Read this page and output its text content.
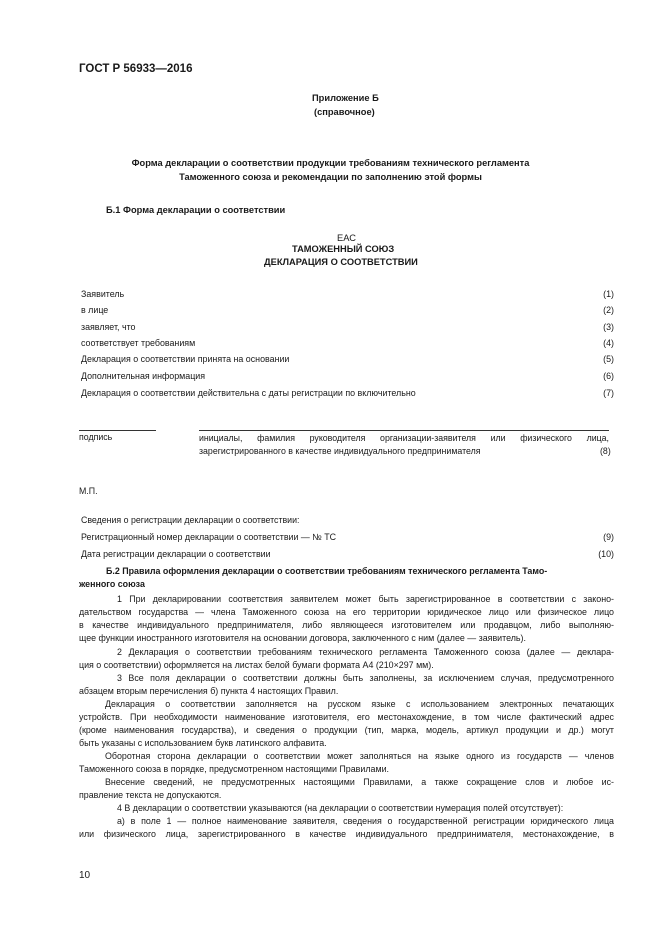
ГОСТ Р 56933—2016
Приложение Б
(справочное)
Форма декларации о соответствии продукции требованиям технического регламента
Таможенного союза и рекомендации по заполнению этой формы
Б.1 Форма декларации о соответствии
ЕАС
ТАМОЖЕННЫЙ СОЮЗ
ДЕКЛАРАЦИЯ О СООТВЕТСТВИИ
Заявитель	(1)
в лице	(2)
заявляет, что	(3)
соответствует требованиям	(4)
Декларация о соответствии принята на основании	(5)
Дополнительная информация	(6)
Декларация о соответствии действительна с даты регистрации по включительно	(7)
подпись	инициалы, фамилия руководителя организации-заявителя или физического лица,
зарегистрированного в качестве индивидуального предпринимателя	(8)
М.П.
Сведения о регистрации декларации о соответствии:
Регистрационный номер декларации о соответствии — № ТС	(9)
Дата регистрации декларации о соответствии	(10)
Б.2 Правила оформления декларации о соответствии требованиям технического регламента Тамо-
женного союза
1 При декларировании соответствия заявителем может быть зарегистрированное в соответствии с законо-
дательством государства — члена Таможенного союза на его территории юридическое лицо или физическое лицо
в качестве индивидуального предпринимателя, либо являющееся изготовителем или продавцом, либо выполняю-
щее функции иностранного изготовителя на основании договора, заключенного с ним (далее — заявитель).
2 Декларация о соответствии требованиям технического регламента Таможенного союза (далее — деклара-
ция о соответствии) оформляется на листах белой бумаги формата А4 (210×297 мм).
3 Все поля декларации о соответствии должны быть заполнены, за исключением случая, предусмотренного
абзацем вторым перечисления б) пункта 4 настоящих Правил.
Декларация о соответствии заполняется на русском языке с использованием электронных печатающих
устройств. При необходимости наименование изготовителя, его местонахождение, в том числе фактический адрес
(кроме наименования государства), и сведения о продукции (тип, марка, модель, артикул продукции и др.) могут
быть указаны с использованием букв латинского алфавита.
Оборотная сторона декларации о соответствии может заполняться на языке одного из государств — членов
Таможенного союза в порядке, предусмотренном настоящими Правилами.
Внесение сведений, не предусмотренных настоящими Правилами, а также сокращение слов и любое ис-
правление текста не допускаются.
4 В декларации о соответствии указываются (на декларации о соответствии нумерация полей отсутствует):
а) в поле 1 — полное наименование заявителя, сведения о государственной регистрации юридического лица
или физического лица, зарегистрированного в качестве индивидуального предпринимателя, местонахождение, в
10
